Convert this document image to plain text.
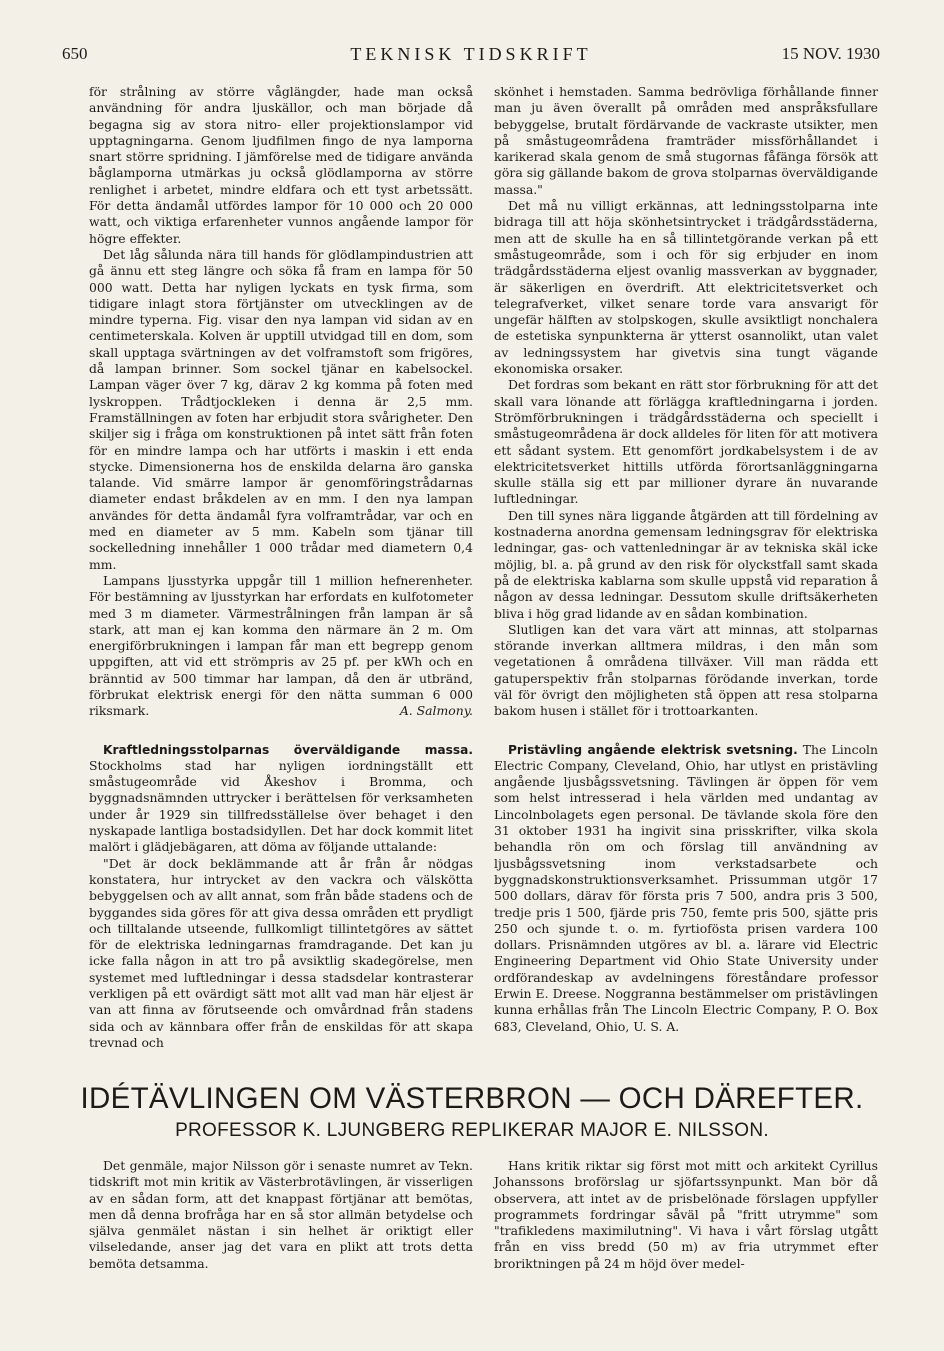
650	TEKNISK TIDSKRIFT	15 NOV. 1930

för strålning av större våglängder, hade man också användning för andra ljuskällor, och man började då begagna sig av stora nitro- eller projektionslampor vid upptagningarna. Genom ljudfilmen fingo de nya lamporna snart större spridning. I jämförelse med de tidigare använda båglamporna utmärkas ju också glödlamporna av större renlighet i arbetet, mindre eldfara och ett tyst arbetssätt. För detta ändamål utfördes lampor för 10 000 och 20 000 watt, och viktiga erfarenheter vunnos angående lampor för högre effekter.

Det låg sålunda nära till hands för glödlampindustrien att gå ännu ett steg längre och söka få fram en lampa för 50 000 watt. Detta har nyligen lyckats en tysk firma, som tidigare inlagt stora förtjänster om utvecklingen av de mindre typerna. Fig. visar den nya lampan vid sidan av en centimeterskala. Kolven är upptill utvidgad till en dom, som skall upptaga svärtningen av det volframstoft som frigöres, då lampan brinner. Som sockel tjänar en kabelsockel. Lampan väger över 7 kg, därav 2 kg komma på foten med lyskroppen. Trådtjockleken i denna är 2,5 mm. Framställningen av foten har erbjudit stora svårigheter. Den skiljer sig i fråga om konstruktionen på intet sätt från foten för en mindre lampa och har utförts i maskin i ett enda stycke. Dimensionerna hos de enskilda delarna äro ganska talande. Vid smärre lampor är genomföringstrådarnas diameter endast bråkdelen av en mm. I den nya lampan användes för detta ändamål fyra volframtrådar, var och en med en diameter av 5 mm. Kabeln som tjänar till sockelledning innehåller 1 000 trådar med diametern 0,4 mm.

Lampans ljusstyrka uppgår till 1 million hefnerenheter. För bestämning av ljusstyrkan har erfordats en kulfotometer med 3 m diameter. Värmestrålningen från lampan är så stark, att man ej kan komma den närmare än 2 m. Om energiförbrukningen i lampan får man ett begrepp genom uppgiften, att vid ett strömpris av 25 pf. per kWh och en bränntid av 500 timmar har lampan, då den är utbränd, förbrukat elektrisk energi för den nätta summan 6 000 riksmark.	A. Salmony.

Kraftledningsstolparnas överväldigande massa. Stockholms stad har nyligen iordningställt ett småstugeområde vid Åkeshov i Bromma, och byggnadsnämnden uttrycker i berättelsen för verksamheten under år 1929 sin tillfredsställelse över behaget i den nyskapade lantliga bostadsidyllen. Det har dock kommit litet malört i glädjebägaren, att döma av följande uttalande:

"Det är dock beklämmande att år från år nödgas konstatera, hur intrycket av den vackra och välskötta bebyggelsen och av allt annat, som från både stadens och de byggandes sida göres för att giva dessa områden ett prydligt och tilltalande utseende, fullkomligt tillintetgöres av sättet för de elektriska ledningarnas framdragande. Det kan ju icke falla någon in att tro på avsiktlig skadegörelse, men systemet med luftledningar i dessa stadsdelar kontrasterar verkligen på ett ovärdigt sätt mot allt vad man här eljest är van att finna av förutseende och omvårdnad från stadens sida och av kännbara offer från de enskildas för att skapa trevnad och

skönhet i hemstaden. Samma bedrövliga förhållande finner man ju även överallt på områden med anspråksfullare bebyggelse, brutalt fördärvande de vackraste utsikter, men på småstugeområdena framträder missförhållandet i karikerad skala genom de små stugornas fåfänga försök att göra sig gällande bakom de grova stolparnas överväldigande massa."

Det må nu villigt erkännas, att ledningsstolparna inte bidraga till att höja skönhetsintrycket i trädgårdsstäderna, men att de skulle ha en så tillintetgörande verkan på ett småstugeområde, som i och för sig erbjuder en inom trädgårdsstäderna eljest ovanlig massverkan av byggnader, är säkerligen en överdrift. Att elektricitetsverket och telegrafverket, vilket senare torde vara ansvarigt för ungefär hälften av stolpskogen, skulle avsiktligt nonchalera de estetiska synpunkterna är ytterst osannolikt, utan valet av ledningssystem har givetvis sina tungt vägande ekonomiska orsaker.

Det fordras som bekant en rätt stor förbrukning för att det skall vara lönande att förlägga kraftledningarna i jorden. Strömförbrukningen i trädgårdsstäderna och speciellt i småstugeområdena är dock alldeles för liten för att motivera ett sådant system. Ett genomfört jordkabelsystem i de av elektricitetsverket hittills utförda förortsanläggningarna skulle ställa sig ett par millioner dyrare än nuvarande luftledningar.

Den till synes nära liggande åtgärden att till fördelning av kostnaderna anordna gemensam ledningsgrav för elektriska ledningar, gas- och vattenledningar är av tekniska skäl icke möjlig, bl. a. på grund av den risk för olyckstfall samt skada på de elektriska kablarna som skulle uppstå vid reparation å någon av dessa ledningar. Dessutom skulle driftsäkerheten bliva i hög grad lidande av en sådan kombination.

Slutligen kan det vara värt att minnas, att stolparnas störande inverkan alltmera mildras, i den mån som vegetationen å områdena tillväxer. Vill man rädda ett gatuperspektiv från stolparnas förödande inverkan, torde väl för övrigt den möjligheten stå öppen att resa stolparna bakom husen i stället för i trottoarkanten.

Pristävling angående elektrisk svetsning. The Lincoln Electric Company, Cleveland, Ohio, har utlyst en pristävling angående ljusbågssvetsning. Tävlingen är öppen för vem som helst intresserad i hela världen med undantag av Lincolnbolagets egen personal. De tävlande skola före den 31 oktober 1931 ha ingivit sina prisskrifter, vilka skola behandla rön om och förslag till användning av ljusbågssvetsning inom verkstadsarbete och byggnadskonstruktionsverksamhet. Prissumman utgör 17 500 dollars, därav för första pris 7 500, andra pris 3 500, tredje pris 1 500, fjärde pris 750, femte pris 500, sjätte pris 250 och sjunde t. o. m. fyrtiofösta prisen vardera 100 dollars. Prisnämnden utgöres av bl. a. lärare vid Electric Engineering Department vid Ohio State University under ordförandeskap av avdelningens föreståndare professor Erwin E. Dreese. Noggranna bestämmelser om pristävlingen kunna erhållas från The Lincoln Electric Company, P. O. Box 683, Cleveland, Ohio, U. S. A.

IDÉTÄVLINGEN OM VÄSTERBRON — OCH DÄREFTER.
PROFESSOR K. LJUNGBERG REPLIKERAR MAJOR E. NILSSON.

Det genmäle, major Nilsson gör i senaste numret av Tekn. tidskrift mot min kritik av Västerbrotävlingen, är visserligen av en sådan form, att det knappast förtjänar att bemötas, men då denna brofråga har en så stor allmän betydelse och själva genmälet nästan i sin helhet är oriktigt eller vilseledande, anser jag det vara en plikt att trots detta bemöta detsamma.

Hans kritik riktar sig först mot mitt och arkitekt Cyrillus Johanssons broförslag ur sjöfartssynpunkt. Man bör då observera, att intet av de prisbelönade förslagen uppfyller programmets fordringar såväl på "fritt utrymme" som "trafikledens maximilutning". Vi hava i vårt förslag utgått från en viss bredd (50 m) av fria utrymmet efter broriktningen på 24 m höjd över medel-
